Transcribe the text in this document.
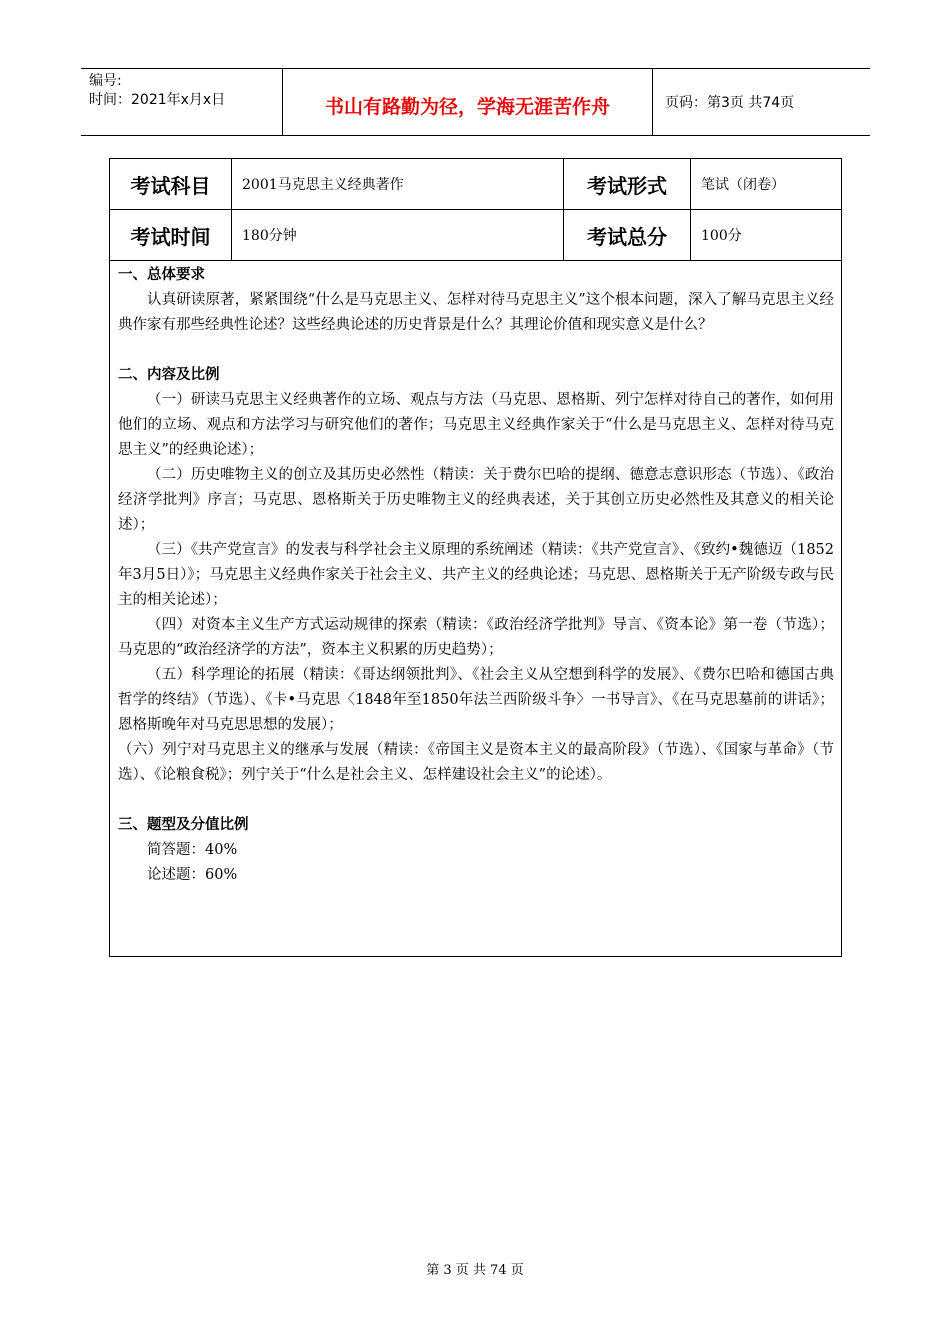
编号:
时间：2021年x月x日	书山有路勤为径，学海无涯苦作舟	页码：第3页 共74页
考试科目	2001马克思主义经典著作	考试形式	笔试（闭卷）
考试时间	180分钟	考试总分	100分
一、总体要求
认真研读原著，紧紧围绕“什么是马克思主义、怎样对待马克思主义”这个根本问题，深入了解马克思主义经典作家有那些经典性论述？这些经典论述的历史背景是什么？其理论价值和现实意义是什么？
二、内容及比例
（一）研读马克思主义经典著作的立场、观点与方法（马克思、恩格斯、列宁怎样对待自己的著作，如何用他们的立场、观点和方法学习与研究他们的著作；马克思主义经典作家关于“什么是马克思主义、怎样对待马克思主义”的经典论述）；
（二）历史唯物主义的创立及其历史必然性（精读：关于费尔巴哈的提纲、德意志意识形态（节选）、《政治经济学批判》序言；马克思、恩格斯关于历史唯物主义的经典表述，关于其创立历史必然性及其意义的相关论述）；
（三）《共产党宣言》的发表与科学社会主义原理的系统阐述（精读：《共产党宣言》、《致约•魏德迈（1852年3月5日）》；马克思主义经典作家关于社会主义、共产主义的经典论述；马克思、恩格斯关于无产阶级专政与民主的相关论述）；
（四）对资本主义生产方式运动规律的探索（精读：《政治经济学批判》导言、《资本论》第一卷（节选）；马克思的“政治经济学的方法”，资本主义积累的历史趋势）；
（五）科学理论的拓展（精读：《哥达纲领批判》、《社会主义从空想到科学的发展》、《费尔巴哈和德国古典哲学的终结》（节选）、《卡•马克思〈1848年至1850年法兰西阶级斗争〉一书导言》、《在马克思墓前的讲话》；恩格斯晚年对马克思思想的发展）；
（六）列宁对马克思主义的继承与发展（精读：《帝国主义是资本主义的最高阶段》（节选）、《国家与革命》（节选）、《论粮食税》；列宁关于“什么是社会主义、怎样建设社会主义”的论述）。
三、题型及分值比例
简答题：40%
论述题：60%
第 3 页 共 74 页
